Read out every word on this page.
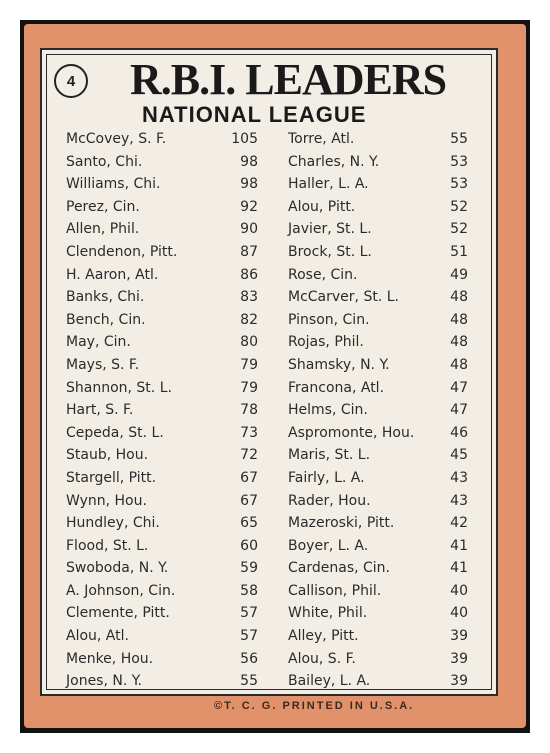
4 R.B.I. LEADERS
NATIONAL LEAGUE
McCovey, S. F.	105
Santo, Chi.	98
Williams, Chi.	98
Perez, Cin.	92
Allen, Phil.	90
Clendenon, Pitt.	87
H. Aaron, Atl.	86
Banks, Chi.	83
Bench, Cin.	82
May, Cin.	80
Mays, S. F.	79
Shannon, St. L.	79
Hart, S. F.	78
Cepeda, St. L.	73
Staub, Hou.	72
Stargell, Pitt.	67
Wynn, Hou.	67
Hundley, Chi.	65
Flood, St. L.	60
Swoboda, N. Y.	59
A. Johnson, Cin.	58
Clemente, Pitt.	57
Alou, Atl.	57
Menke, Hou.	56
Jones, N. Y.	55
Torre, Atl.	55
Charles, N. Y.	53
Haller, L. A.	53
Alou, Pitt.	52
Javier, St. L.	52
Brock, St. L.	51
Rose, Cin.	49
McCarver, St. L.	48
Pinson, Cin.	48
Rojas, Phil.	48
Shamsky, N. Y.	48
Francona, Atl.	47
Helms, Cin.	47
Aspromonte, Hou.	46
Maris, St. L.	45
Fairly, L. A.	43
Rader, Hou.	43
Mazeroski, Pitt.	42
Boyer, L. A.	41
Cardenas, Cin.	41
Callison, Phil.	40
White, Phil.	40
Alley, Pitt.	39
Alou, S. F.	39
Bailey, L. A.	39
©T. C. G. PRINTED IN U.S.A.
